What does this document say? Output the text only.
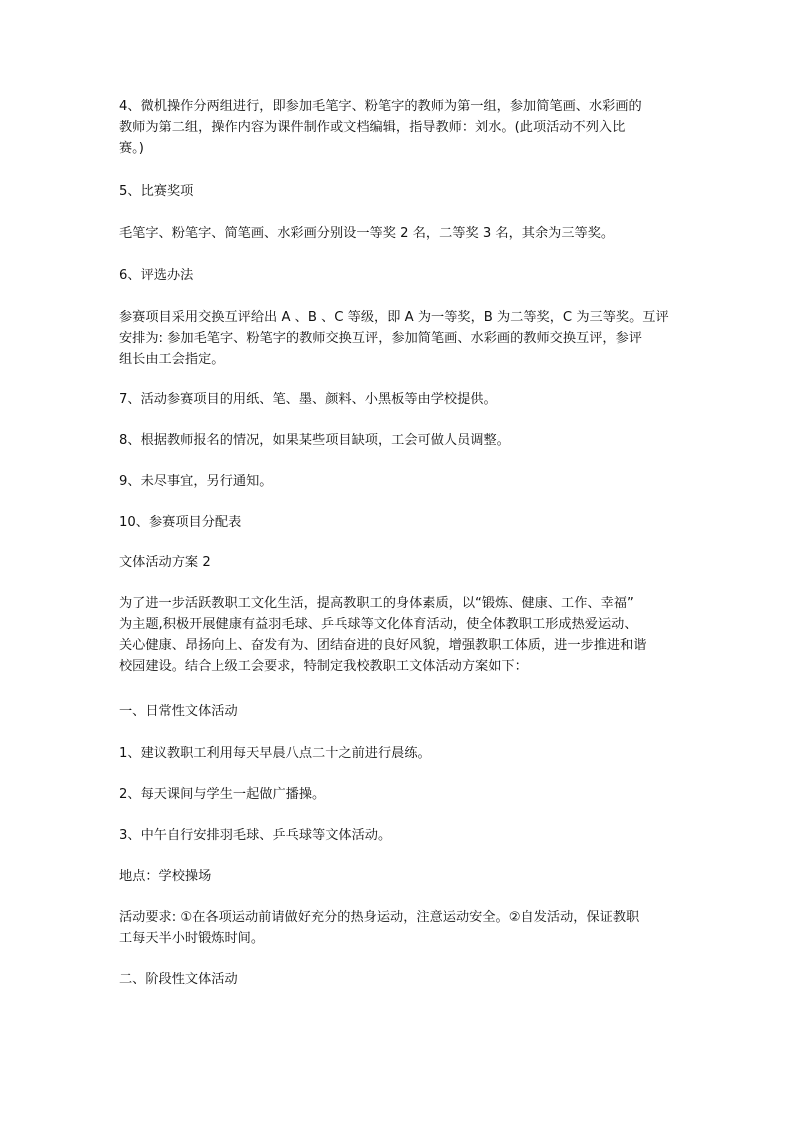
4、微机操作分两组进行，即参加毛笔字、粉笔字的教师为第一组，参加简笔画、水彩画的
教师为第二组，操作内容为课件制作或文档编辑，指导教师：刘水。(此项活动不列入比
赛。)

5、比赛奖项

毛笔字、粉笔字、简笔画、水彩画分别设一等奖 2 名，二等奖 3 名，其余为三等奖。

6、评选办法

参赛项目采用交换互评给出 A 、B 、C 等级，即 A 为一等奖，B 为二等奖，C 为三等奖。互评
安排为: 参加毛笔字、粉笔字的教师交换互评，参加简笔画、水彩画的教师交换互评，参评
组长由工会指定。

7、活动参赛项目的用纸、笔、墨、颜料、小黑板等由学校提供。

8、根据教师报名的情况，如果某些项目缺项，工会可做人员调整。

9、未尽事宜，另行通知。

10、参赛项目分配表

文体活动方案 2

为了进一步活跃教职工文化生活，提高教职工的身体素质，以“锻炼、健康、工作、幸福”
为主题,积极开展健康有益羽毛球、乒乓球等文化体育活动，使全体教职工形成热爱运动、
关心健康、昂扬向上、奋发有为、团结奋进的良好风貌，增强教职工体质，进一步推进和谐
校园建设。结合上级工会要求，特制定我校教职工文体活动方案如下：

一、日常性文体活动

1、建议教职工利用每天早晨八点二十之前进行晨练。

2、每天课间与学生一起做广播操。

3、中午自行安排羽毛球、乒乓球等文体活动。

地点：学校操场

活动要求: ①在各项运动前请做好充分的热身运动，注意运动安全。②自发活动，保证教职
工每天半小时锻炼时间。

二、阶段性文体活动
